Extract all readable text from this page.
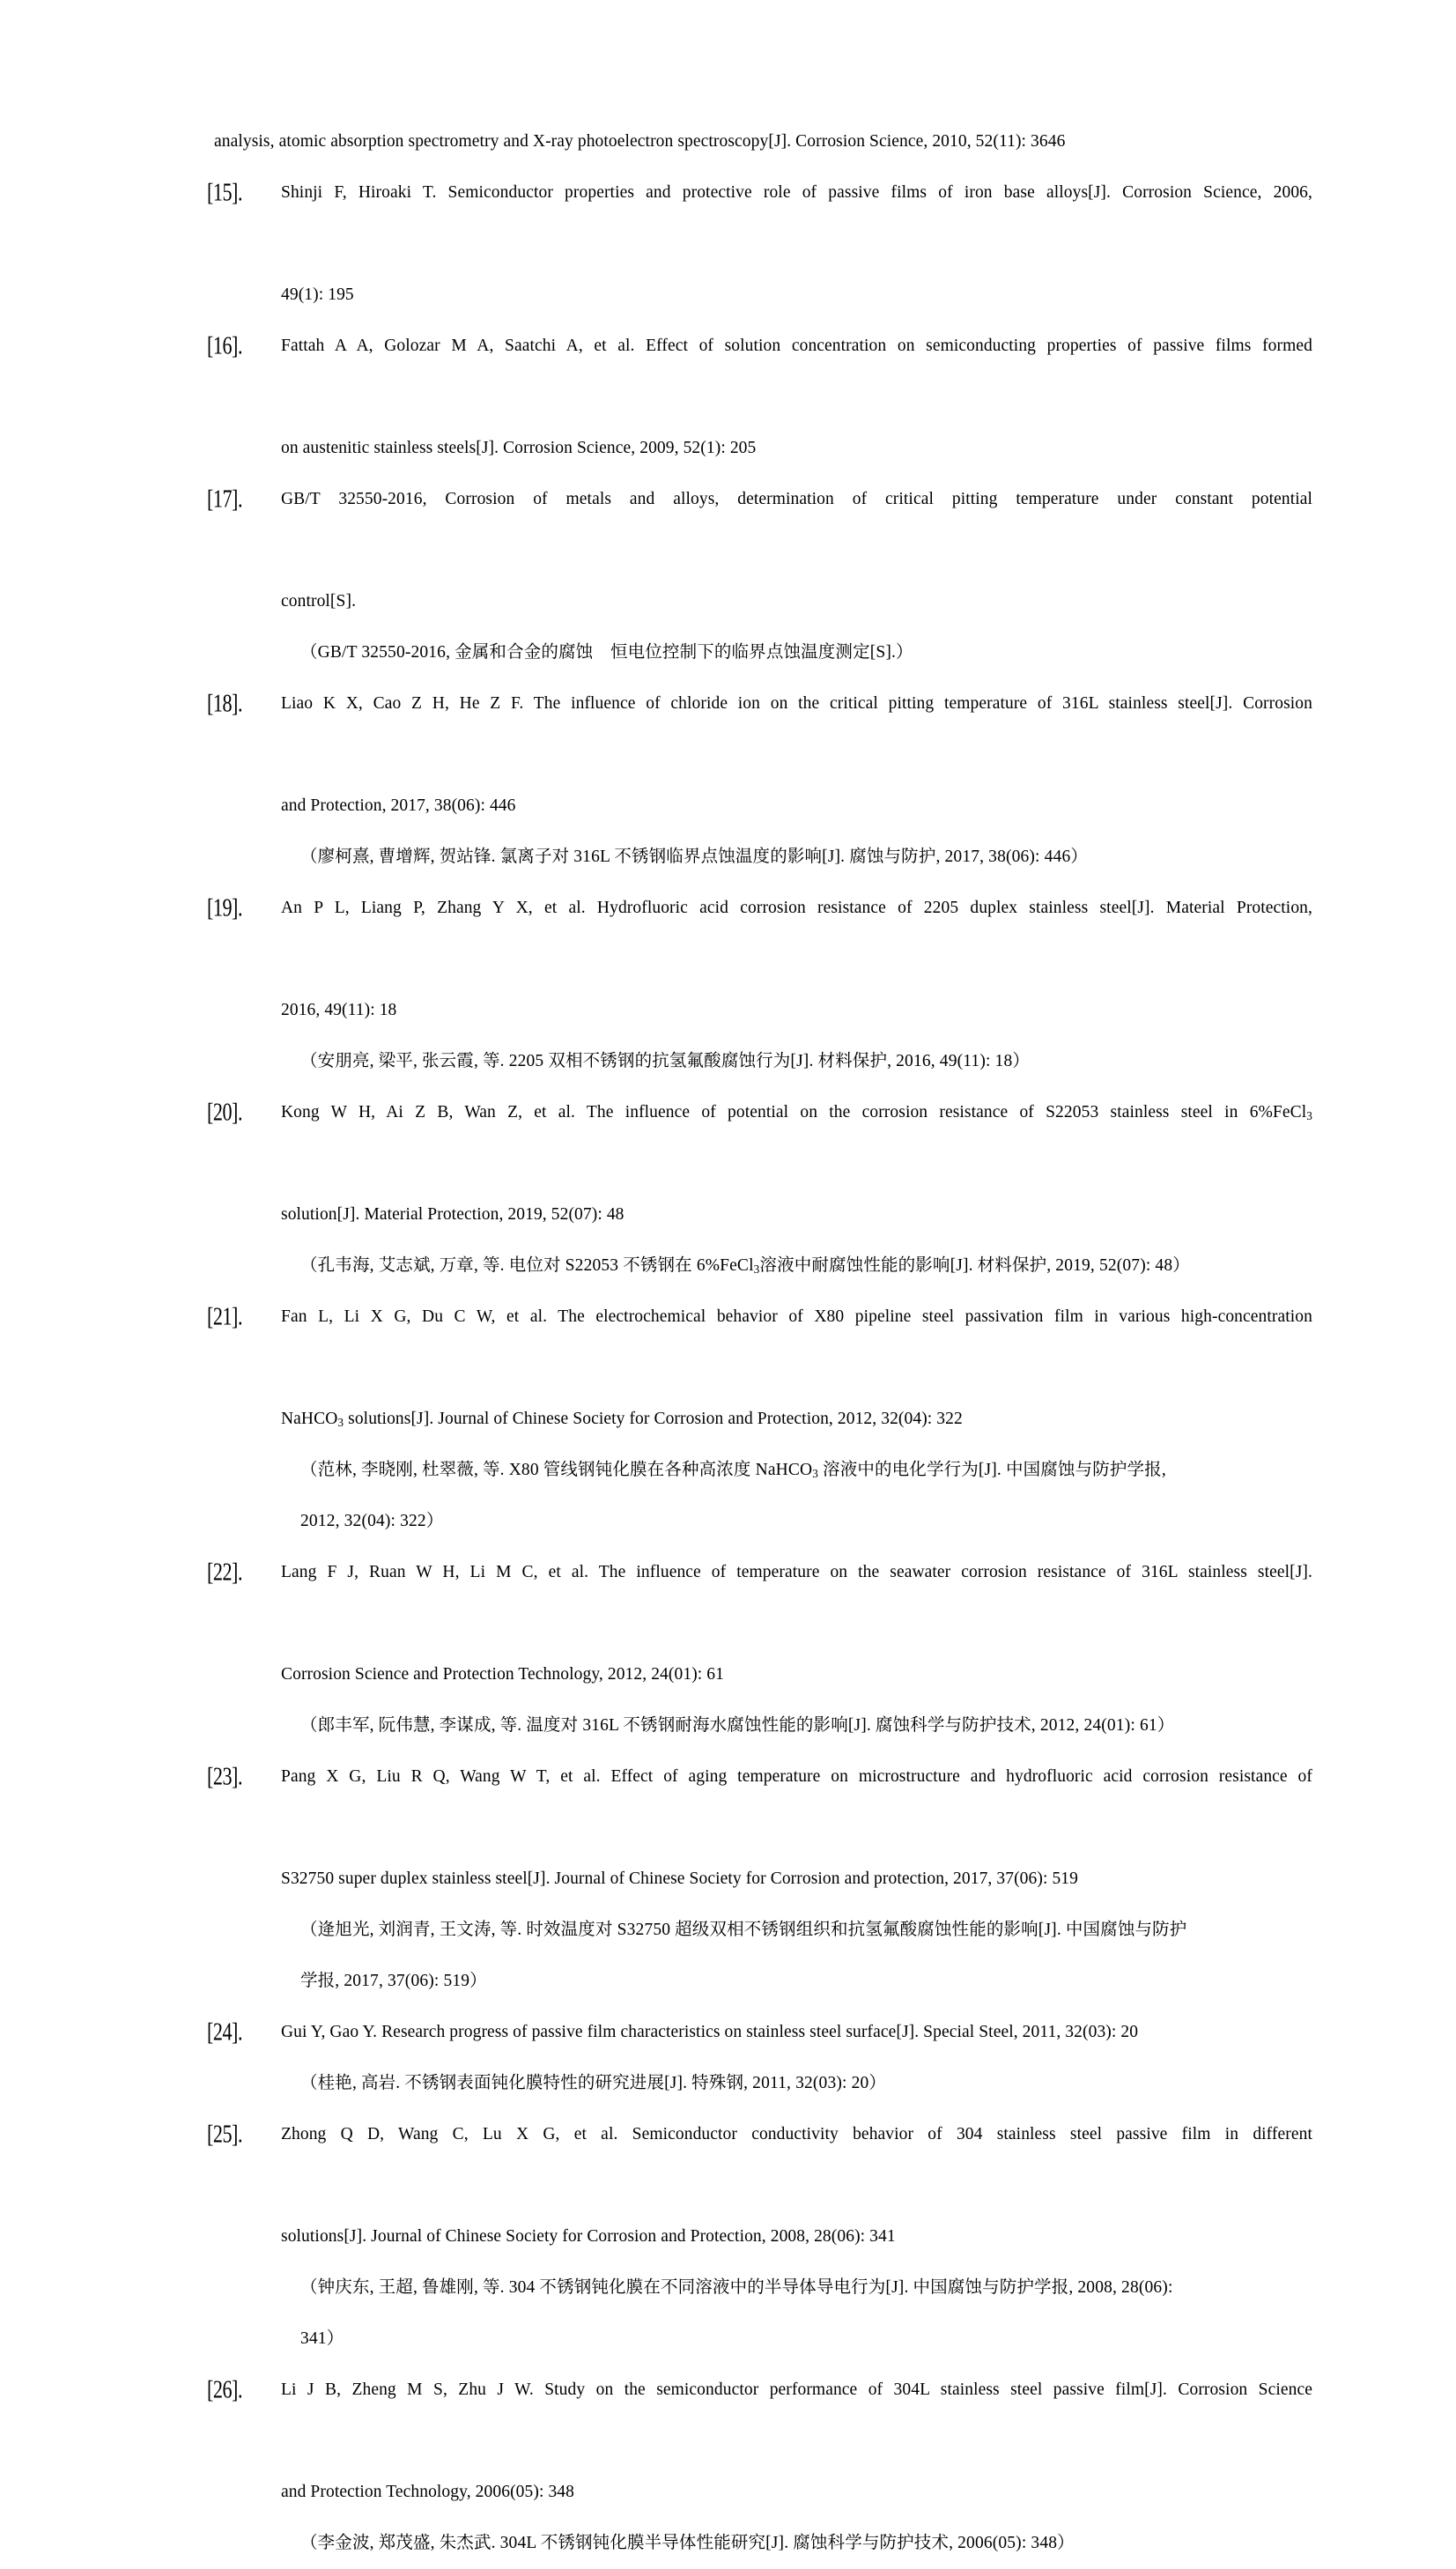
analysis, atomic absorption spectrometry and X-ray photoelectron spectroscopy[J]. Corrosion Science, 2010, 52(11): 3646
[15].	Shinji F, Hiroaki T. Semiconductor properties and protective role of passive films of iron base alloys[J]. Corrosion Science, 2006,
49(1): 195
[16].	Fattah A A, Golozar M A, Saatchi A, et al. Effect of solution concentration on semiconducting properties of passive films formed
on austenitic stainless steels[J]. Corrosion Science, 2009, 52(1): 205
[17].	GB/T 32550-2016, Corrosion of metals and alloys, determination of critical pitting temperature under constant potential
control[S].
（GB/T 32550-2016, 金属和合金的腐蚀　恒电位控制下的临界点蚀温度测定[S].）
[18].	Liao K X, Cao Z H, He Z F. The influence of chloride ion on the critical pitting temperature of 316L stainless steel[J]. Corrosion
and Protection, 2017, 38(06): 446
（廖柯熹, 曹增辉, 贺站锋. 氯离子对 316L 不锈钢临界点蚀温度的影响[J]. 腐蚀与防护, 2017, 38(06): 446）
[19].	An P L, Liang P, Zhang Y X, et al. Hydrofluoric acid corrosion resistance of 2205 duplex stainless steel[J]. Material Protection,
2016, 49(11): 18
（安朋亮, 梁平, 张云霞, 等. 2205 双相不锈钢的抗氢氟酸腐蚀行为[J]. 材料保护, 2016, 49(11): 18）
[20].	Kong W H, Ai Z B, Wan Z, et al. The influence of potential on the corrosion resistance of S22053 stainless steel in 6%FeCl$_3$
solution[J]. Material Protection, 2019, 52(07): 48
（孔韦海, 艾志斌, 万章, 等. 电位对 S22053 不锈钢在 6%FeCl$_3$溶液中耐腐蚀性能的影响[J]. 材料保护, 2019, 52(07): 48）
[21].	Fan L, Li X G, Du C W, et al. The electrochemical behavior of X80 pipeline steel passivation film in various high-concentration
NaHCO$_3$ solutions[J]. Journal of Chinese Society for Corrosion and Protection, 2012, 32(04): 322
（范林, 李晓刚, 杜翠薇, 等. X80 管线钢钝化膜在各种高浓度 NaHCO$_3$ 溶液中的电化学行为[J]. 中国腐蚀与防护学报,
2012, 32(04): 322）
[22].	Lang F J, Ruan W H, Li M C, et al. The influence of temperature on the seawater corrosion resistance of 316L stainless steel[J].
Corrosion Science and Protection Technology, 2012, 24(01): 61
（郎丰军, 阮伟慧, 李谋成, 等. 温度对 316L 不锈钢耐海水腐蚀性能的影响[J]. 腐蚀科学与防护技术, 2012, 24(01): 61）
[23].	Pang X G, Liu R Q, Wang W T, et al. Effect of aging temperature on microstructure and hydrofluoric acid corrosion resistance of
S32750 super duplex stainless steel[J]. Journal of Chinese Society for Corrosion and protection, 2017, 37(06): 519
（逄旭光, 刘润青, 王文涛, 等. 时效温度对 S32750 超级双相不锈钢组织和抗氢氟酸腐蚀性能的影响[J]. 中国腐蚀与防护
学报, 2017, 37(06): 519）
[24].	Gui Y, Gao Y. Research progress of passive film characteristics on stainless steel surface[J]. Special Steel, 2011, 32(03): 20
（桂艳, 高岩. 不锈钢表面钝化膜特性的研究进展[J]. 特殊钢, 2011, 32(03): 20）
[25].	Zhong Q D, Wang C, Lu X G, et al. Semiconductor conductivity behavior of 304 stainless steel passive film in different
solutions[J]. Journal of Chinese Society for Corrosion and Protection, 2008, 28(06): 341
（钟庆东, 王超, 鲁雄刚, 等. 304 不锈钢钝化膜在不同溶液中的半导体导电行为[J]. 中国腐蚀与防护学报, 2008, 28(06):
341）
[26].	Li J B, Zheng M S, Zhu J W. Study on the semiconductor performance of 304L stainless steel passive film[J]. Corrosion Science
and Protection Technology, 2006(05): 348
（李金波, 郑茂盛, 朱杰武. 304L 不锈钢钝化膜半导体性能研究[J]. 腐蚀科学与防护技术, 2006(05): 348）
